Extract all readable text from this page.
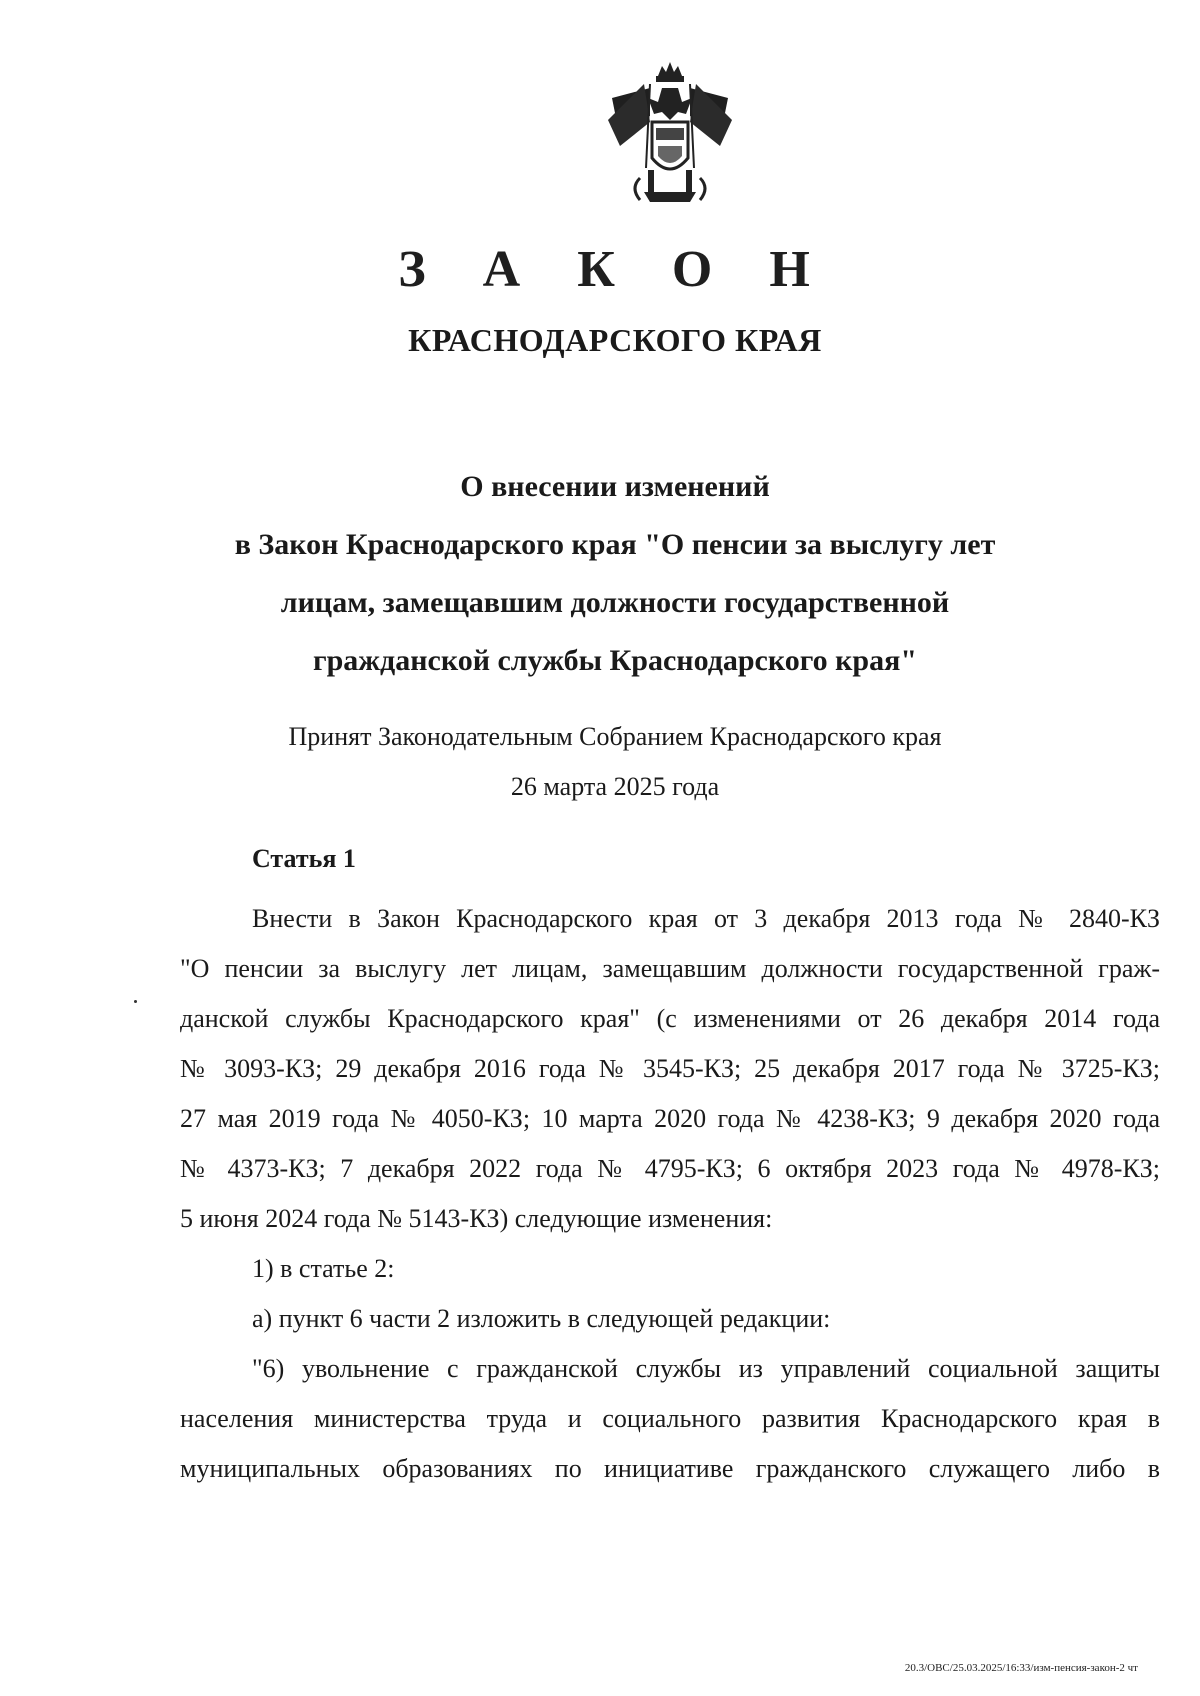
З А К О Н
КРАСНОДАРСКОГО КРАЯ
О внесении изменений
в Закон Краснодарского края "О пенсии за выслугу лет
лицам, замещавшим должности государственной
гражданской службы Краснодарского края"
Принят Законодательным Собранием Краснодарского края
26 марта 2025 года
Статья 1
Внести в Закон Краснодарского края от 3 декабря 2013 года № 2840-КЗ
"О пенсии за выслугу лет лицам, замещавшим должности государственной граж-
данской службы Краснодарского края" (с изменениями от 26 декабря 2014 года
№ 3093-КЗ; 29 декабря 2016 года № 3545-КЗ; 25 декабря 2017 года № 3725-КЗ;
27 мая 2019 года № 4050-КЗ; 10 марта 2020 года № 4238-КЗ; 9 декабря 2020 года
№ 4373-КЗ; 7 декабря 2022 года № 4795-КЗ; 6 октября 2023 года № 4978-КЗ;
5 июня 2024 года № 5143-КЗ) следующие изменения:
1) в статье 2:
а) пункт 6 части 2 изложить в следующей редакции:
"6) увольнение с гражданской службы из управлений социальной защиты
населения министерства труда и социального развития Краснодарского края в
муниципальных образованиях по инициативе гражданского служащего либо в
20.3/ОВС/25.03.2025/16:33/изм-пенсия-закон-2 чт
